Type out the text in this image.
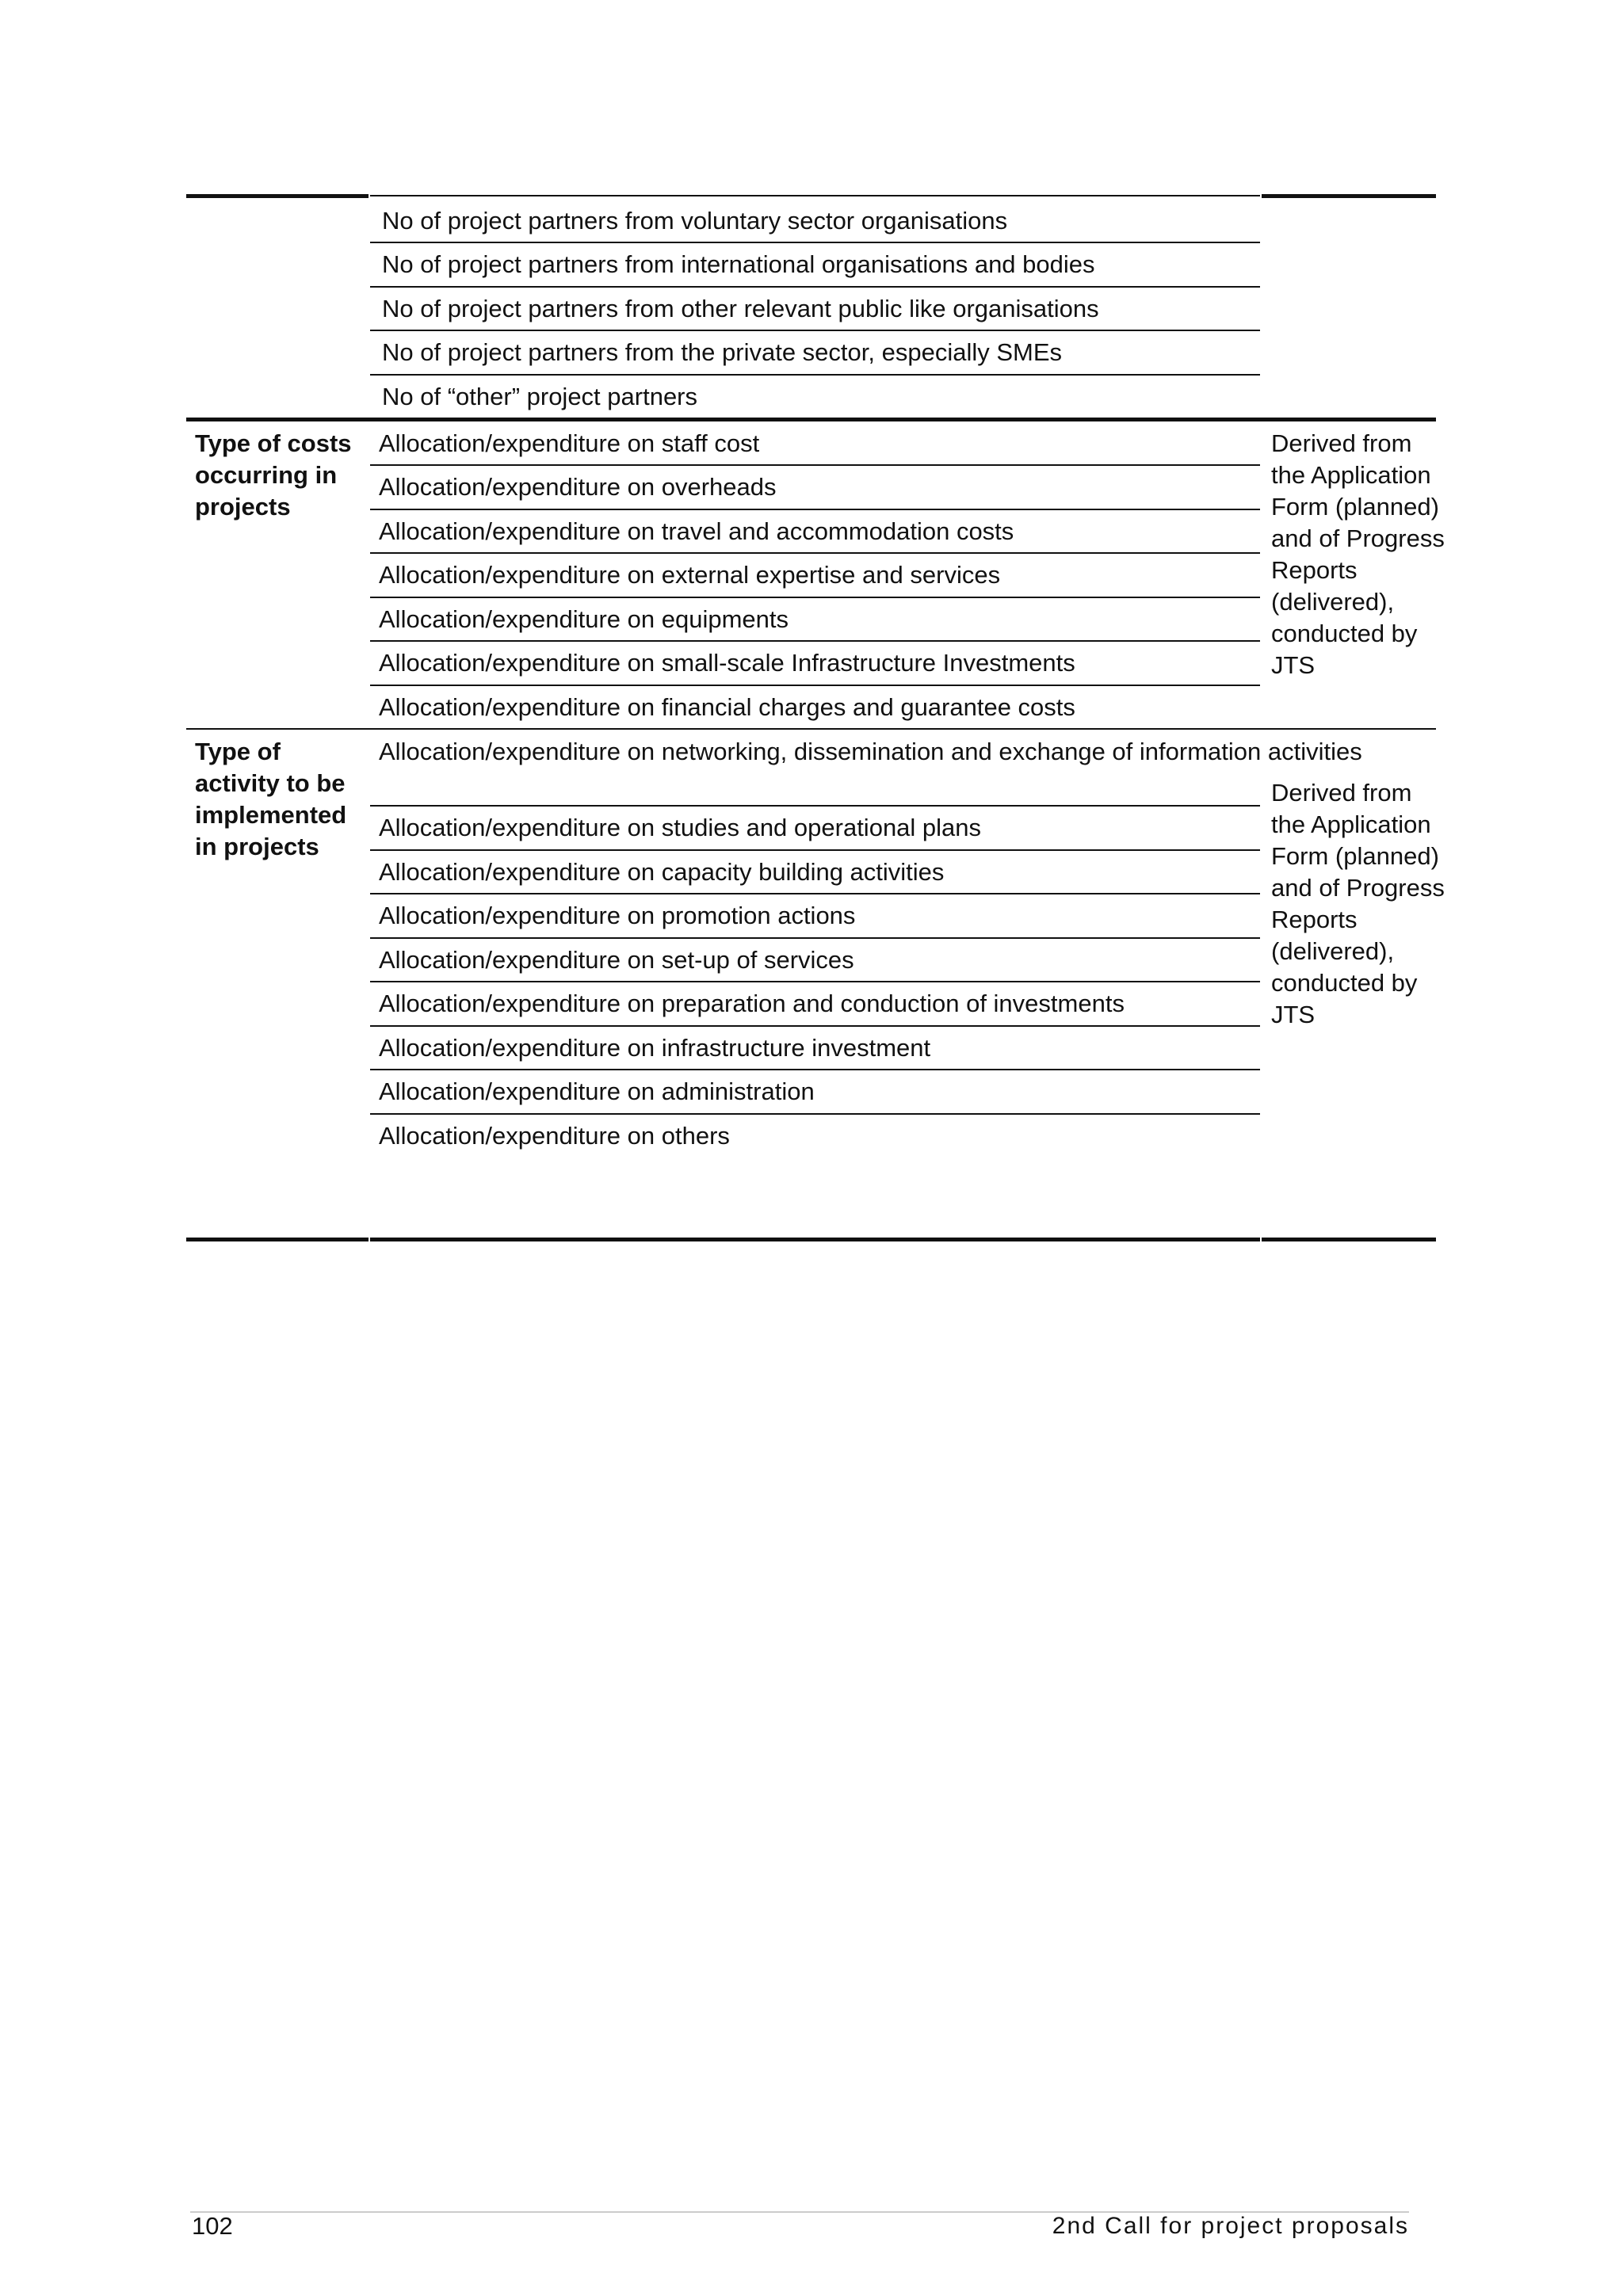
No of project partners from voluntary sector organisations
No of project partners from international organisations and bodies
No of project partners from other relevant public like organisations
No of project partners from the private sector, especially SMEs
No of “other” project partners
Type of costs occurring in projects
Derived from the Application Form (planned) and of Progress Reports (delivered), conducted by JTS
Allocation/expenditure on staff cost
Allocation/expenditure on overheads
Allocation/expenditure on travel and accommodation costs
Allocation/expenditure on external expertise and services
Allocation/expenditure on equipments
Allocation/expenditure on small-scale Infrastructure Investments
Allocation/expenditure on financial charges and guarantee costs
Type of activity to be implemented in projects
Derived from the Application Form (planned) and of Progress Reports (delivered), conducted by JTS
Allocation/expenditure on networking, dissemination and exchange of information activities
Allocation/expenditure on studies and operational plans
Allocation/expenditure on capacity building activities
Allocation/expenditure on promotion actions
Allocation/expenditure on set-up of services
Allocation/expenditure on preparation and conduction of investments
Allocation/expenditure on infrastructure investment
Allocation/expenditure on administration
Allocation/expenditure on others
102	2nd Call for project proposals
